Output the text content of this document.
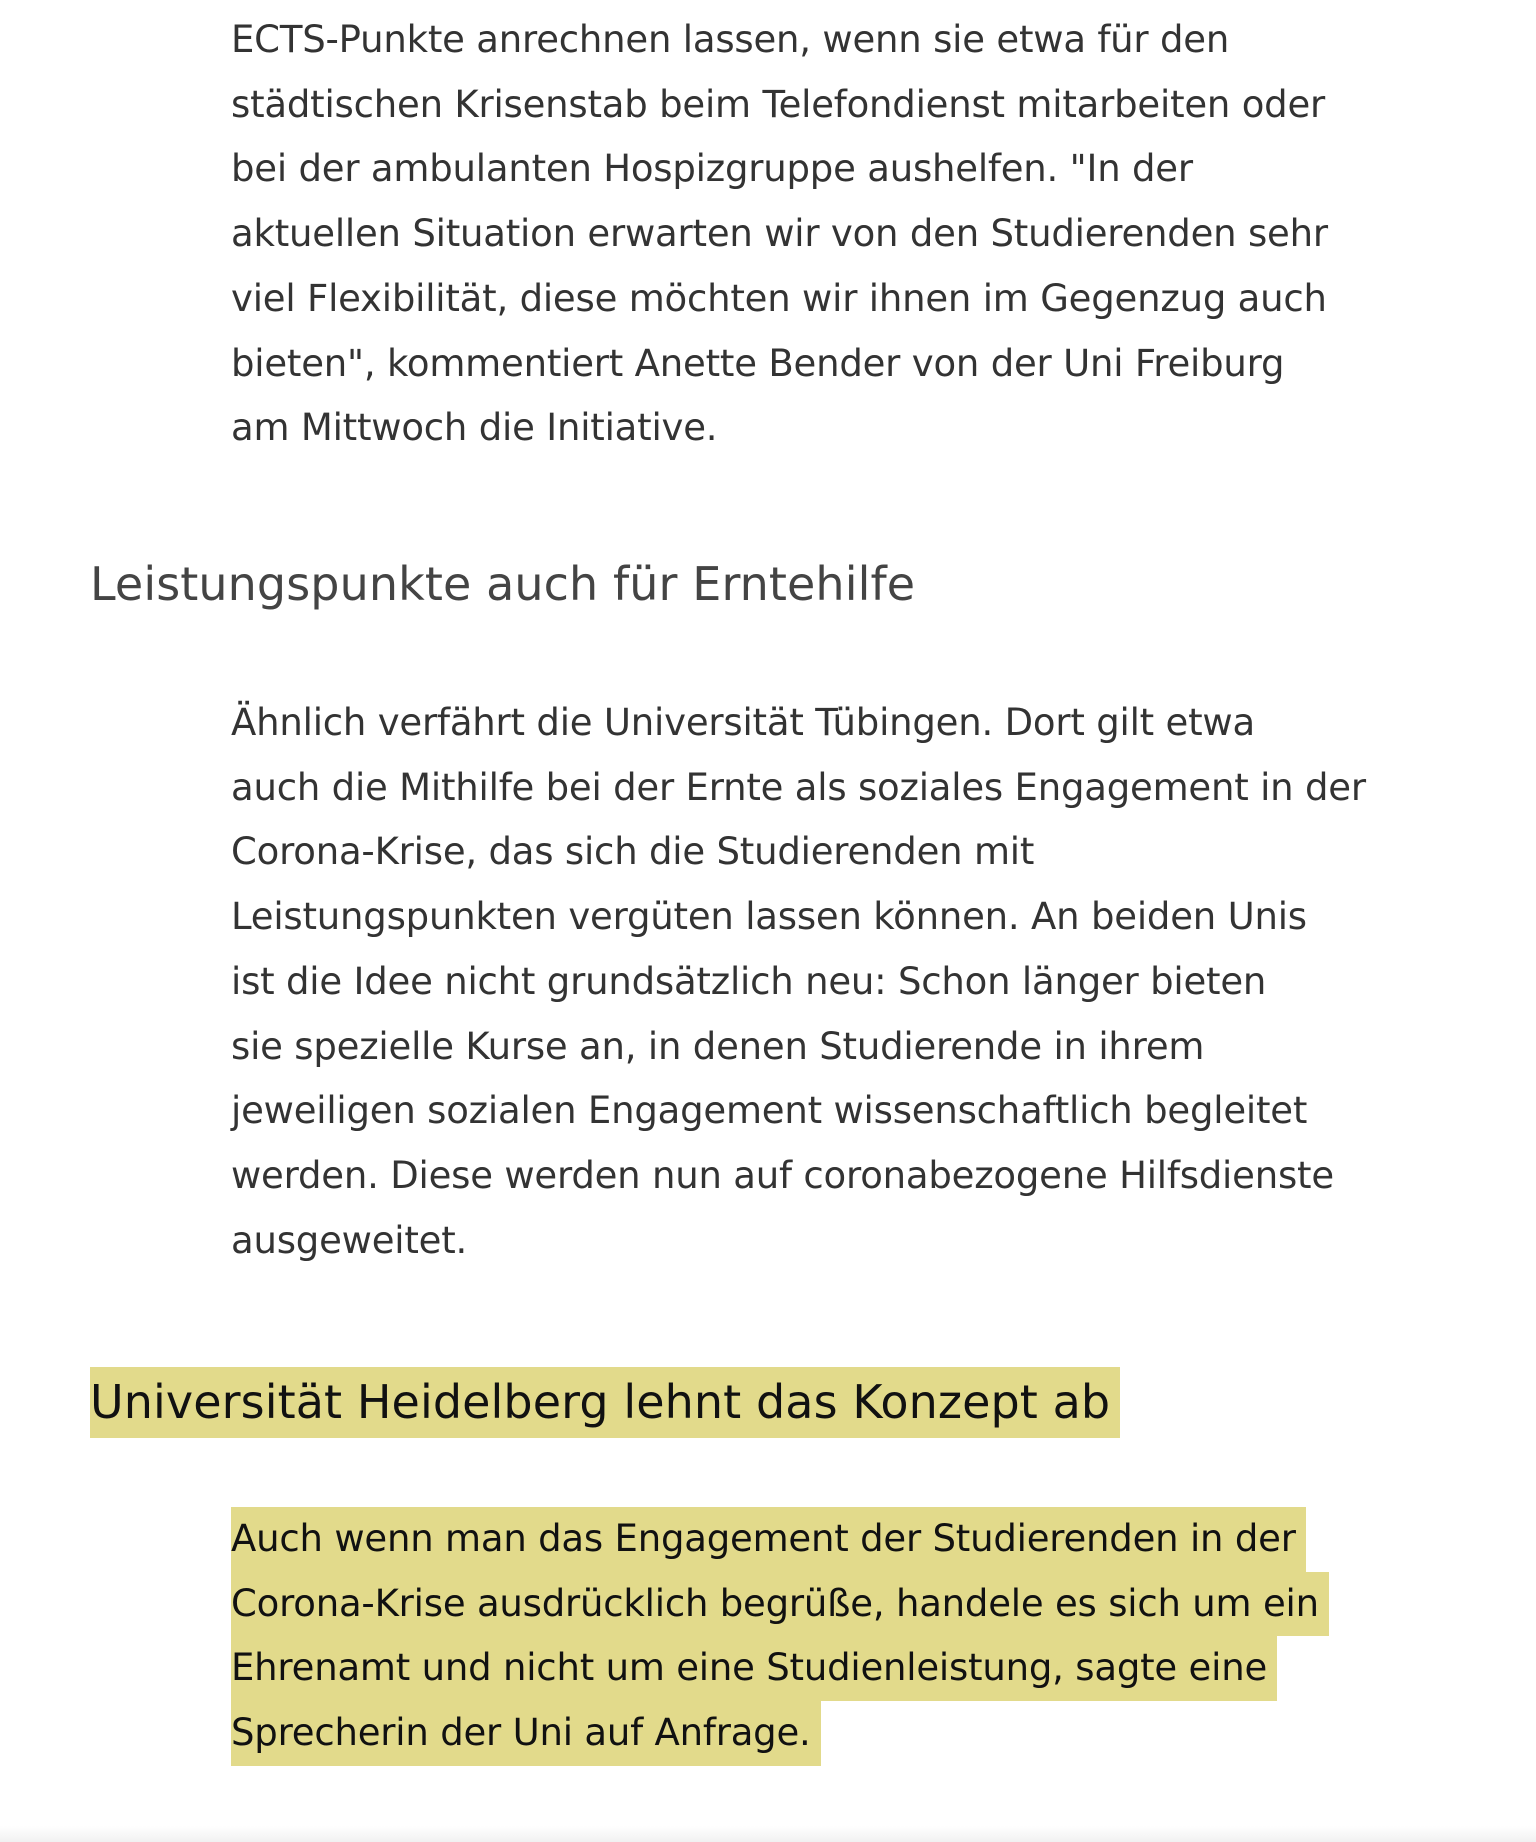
ECTS-Punkte anrechnen lassen, wenn sie etwa für den
städtischen Krisenstab beim Telefondienst mitarbeiten oder
bei der ambulanten Hospizgruppe aushelfen. "In der
aktuellen Situation erwarten wir von den Studierenden sehr
viel Flexibilität, diese möchten wir ihnen im Gegenzug auch
bieten", kommentiert Anette Bender von der Uni Freiburg
am Mittwoch die Initiative.

Leistungspunkte auch für Erntehilfe

Ähnlich verfährt die Universität Tübingen. Dort gilt etwa
auch die Mithilfe bei der Ernte als soziales Engagement in der
Corona-Krise, das sich die Studierenden mit
Leistungspunkten vergüten lassen können. An beiden Unis
ist die Idee nicht grundsätzlich neu: Schon länger bieten
sie spezielle Kurse an, in denen Studierende in ihrem
jeweiligen sozialen Engagement wissenschaftlich begleitet
werden. Diese werden nun auf coronabezogene Hilfsdienste
ausgeweitet.

Universität Heidelberg lehnt das Konzept ab

Auch wenn man das Engagement der Studierenden in der
Corona-Krise ausdrücklich begrüße, handele es sich um ein
Ehrenamt und nicht um eine Studienleistung, sagte eine
Sprecherin der Uni auf Anfrage.
